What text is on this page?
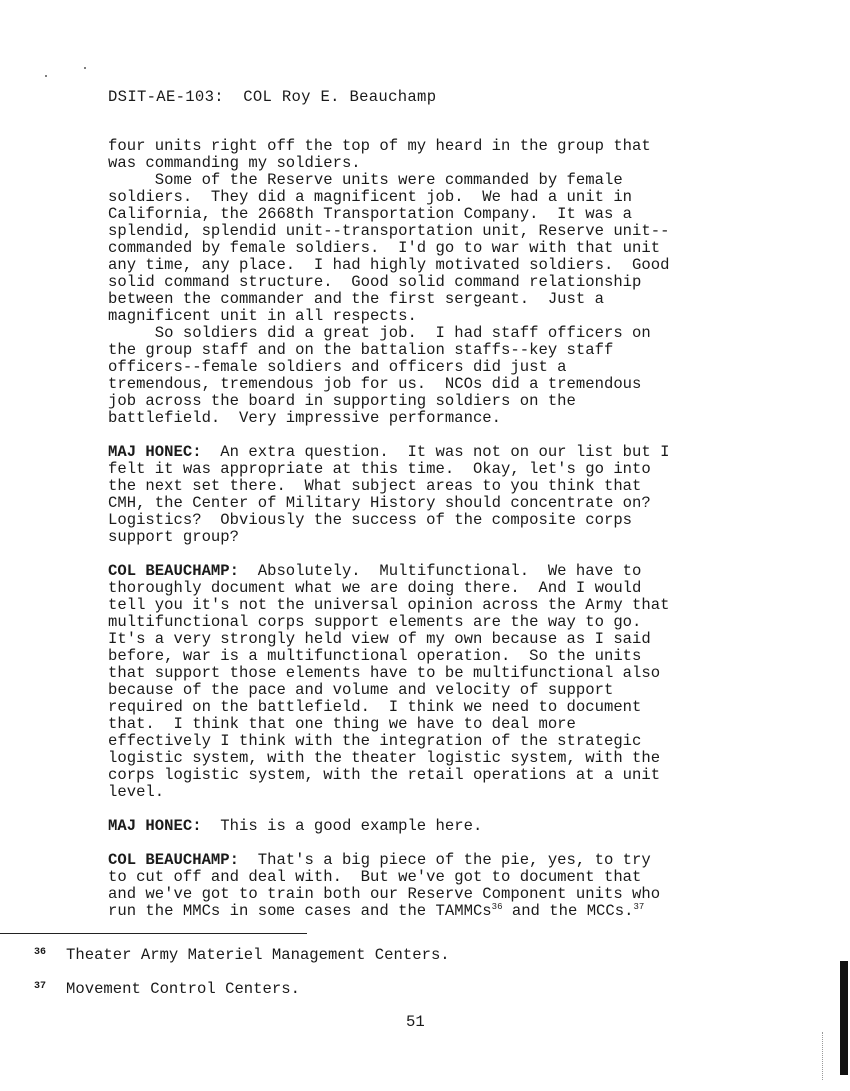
DSIT-AE-103:  COL Roy E. Beauchamp
four units right off the top of my heard in the group that
was commanding my soldiers.
Some of the Reserve units were commanded by female
soldiers.  They did a magnificent job.  We had a unit in
California, the 2668th Transportation Company.  It was a
splendid, splendid unit--transportation unit, Reserve unit--
commanded by female soldiers.  I'd go to war with that unit
any time, any place.  I had highly motivated soldiers.  Good
solid command structure.  Good solid command relationship
between the commander and the first sergeant.  Just a
magnificent unit in all respects.
So soldiers did a great job.  I had staff officers on
the group staff and on the battalion staffs--key staff
officers--female soldiers and officers did just a
tremendous, tremendous job for us.  NCOs did a tremendous
job across the board in supporting soldiers on the
battlefield.  Very impressive performance.
MAJ HONEC:  An extra question.  It was not on our list but I
felt it was appropriate at this time.  Okay, let's go into
the next set there.  What subject areas to you think that
CMH, the Center of Military History should concentrate on?
Logistics?  Obviously the success of the composite corps
support group?
COL BEAUCHAMP:  Absolutely.  Multifunctional.  We have to
thoroughly document what we are doing there.  And I would
tell you it's not the universal opinion across the Army that
multifunctional corps support elements are the way to go.
It's a very strongly held view of my own because as I said
before, war is a multifunctional operation.  So the units
that support those elements have to be multifunctional also
because of the pace and volume and velocity of support
required on the battlefield.  I think we need to document
that.  I think that one thing we have to deal more
effectively I think with the integration of the strategic
logistic system, with the theater logistic system, with the
corps logistic system, with the retail operations at a unit
level.
MAJ HONEC:  This is a good example here.
COL BEAUCHAMP:  That's a big piece of the pie, yes, to try
to cut off and deal with.  But we've got to document that
and we've got to train both our Reserve Component units who
run the MMCs in some cases and the TAMMCs$^{36}$ and the MCCs.$^{37}$
36 Theater Army Materiel Management Centers.
37 Movement Control Centers.
51
